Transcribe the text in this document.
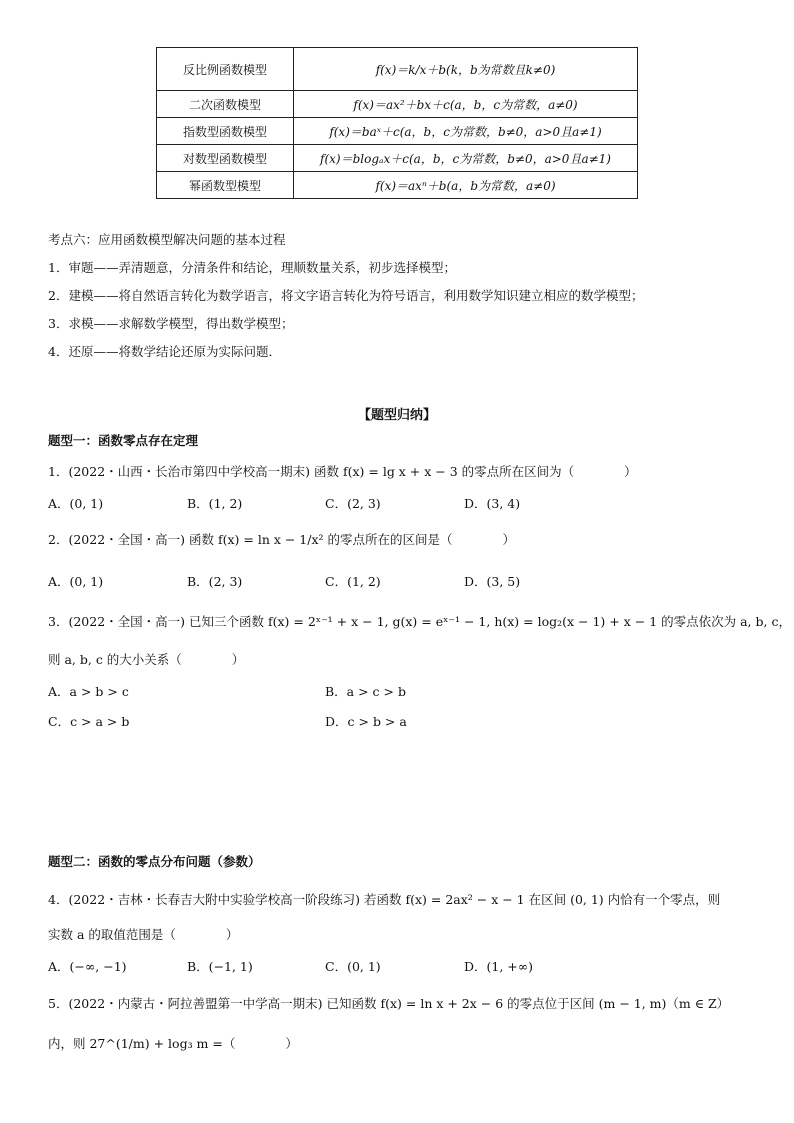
反比例函数模型	f(x)＝k/x＋b(k，b为常数且k≠0)
二次函数模型	f(x)＝ax²＋bx＋c(a，b，c为常数，a≠0)
指数型函数模型	f(x)＝baˣ＋c(a，b，c为常数，b≠0，a>0且a≠1)
对数型函数模型	f(x)＝blogₐx＋c(a，b，c为常数，b≠0，a>0且a≠1)
幂函数型模型	f(x)＝axⁿ＋b(a，b为常数，a≠0)
考点六：应用函数模型解决问题的基本过程
1．审题——弄清题意，分清条件和结论，理顺数量关系，初步选择模型；
2．建模——将自然语言转化为数学语言，将文字语言转化为符号语言，利用数学知识建立相应的数学模型；
3．求模——求解数学模型，得出数学模型；
4．还原——将数学结论还原为实际问题．
【题型归纳】
题型一：函数零点存在定理
1．(2022・山西・长治市第四中学校高一期末) 函数 f(x) = lg x + x − 3 的零点所在区间为（　　　　）
A．(0, 1)	B．(1, 2)	C．(2, 3)	D．(3, 4)
2．(2022・全国・高一) 函数 f(x) = ln x − 1/x² 的零点所在的区间是（　　　　）
A．(0, 1)	B．(2, 3)	C．(1, 2)	D．(3, 5)
3．(2022・全国・高一) 已知三个函数 f(x) = 2ˣ⁻¹ + x − 1, g(x) = eˣ⁻¹ − 1, h(x) = log₂(x − 1) + x − 1 的零点依次为 a, b, c，
则 a, b, c 的大小关系（　　　　）
A．a > b > c	B．a > c > b
C．c > a > b	D．c > b > a
题型二：函数的零点分布问题（参数）
4．(2022・吉林・长春吉大附中实验学校高一阶段练习) 若函数 f(x) = 2ax² − x − 1 在区间 (0, 1) 内恰有一个零点，则
实数 a 的取值范围是（　　　　）
A．(−∞, −1)	B．(−1, 1)	C．(0, 1)	D．(1, +∞)
5．(2022・内蒙古・阿拉善盟第一中学高一期末) 已知函数 f(x) = ln x + 2x − 6 的零点位于区间 (m − 1, m)（m ∈ Z）
内，则 27^(1/m) + log₃ m =（　　　　）
